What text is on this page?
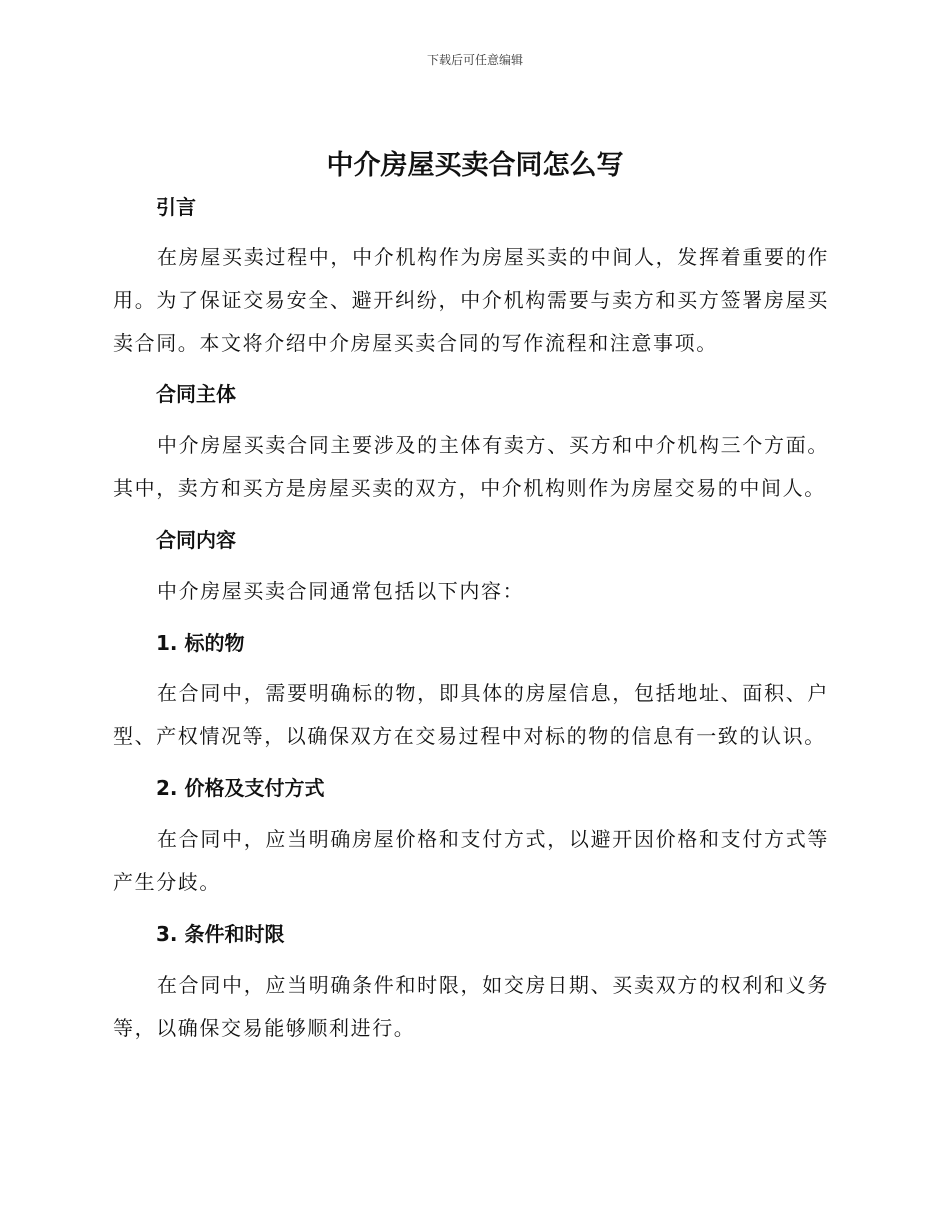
下载后可任意编辑
中介房屋买卖合同怎么写
引言

在房屋买卖过程中，中介机构作为房屋买卖的中间人，发挥着重要的作用。为了保证交易安全、避开纠纷，中介机构需要与卖方和买方签署房屋买卖合同。本文将介绍中介房屋买卖合同的写作流程和注意事项。

合同主体

中介房屋买卖合同主要涉及的主体有卖方、买方和中介机构三个方面。其中，卖方和买方是房屋买卖的双方，中介机构则作为房屋交易的中间人。

合同内容

中介房屋买卖合同通常包括以下内容：

1. 标的物

在合同中，需要明确标的物，即具体的房屋信息，包括地址、面积、户型、产权情况等，以确保双方在交易过程中对标的物的信息有一致的认识。

2. 价格及支付方式

在合同中，应当明确房屋价格和支付方式，以避开因价格和支付方式等产生分歧。

3. 条件和时限

在合同中，应当明确条件和时限，如交房日期、买卖双方的权利和义务等，以确保交易能够顺利进行。
